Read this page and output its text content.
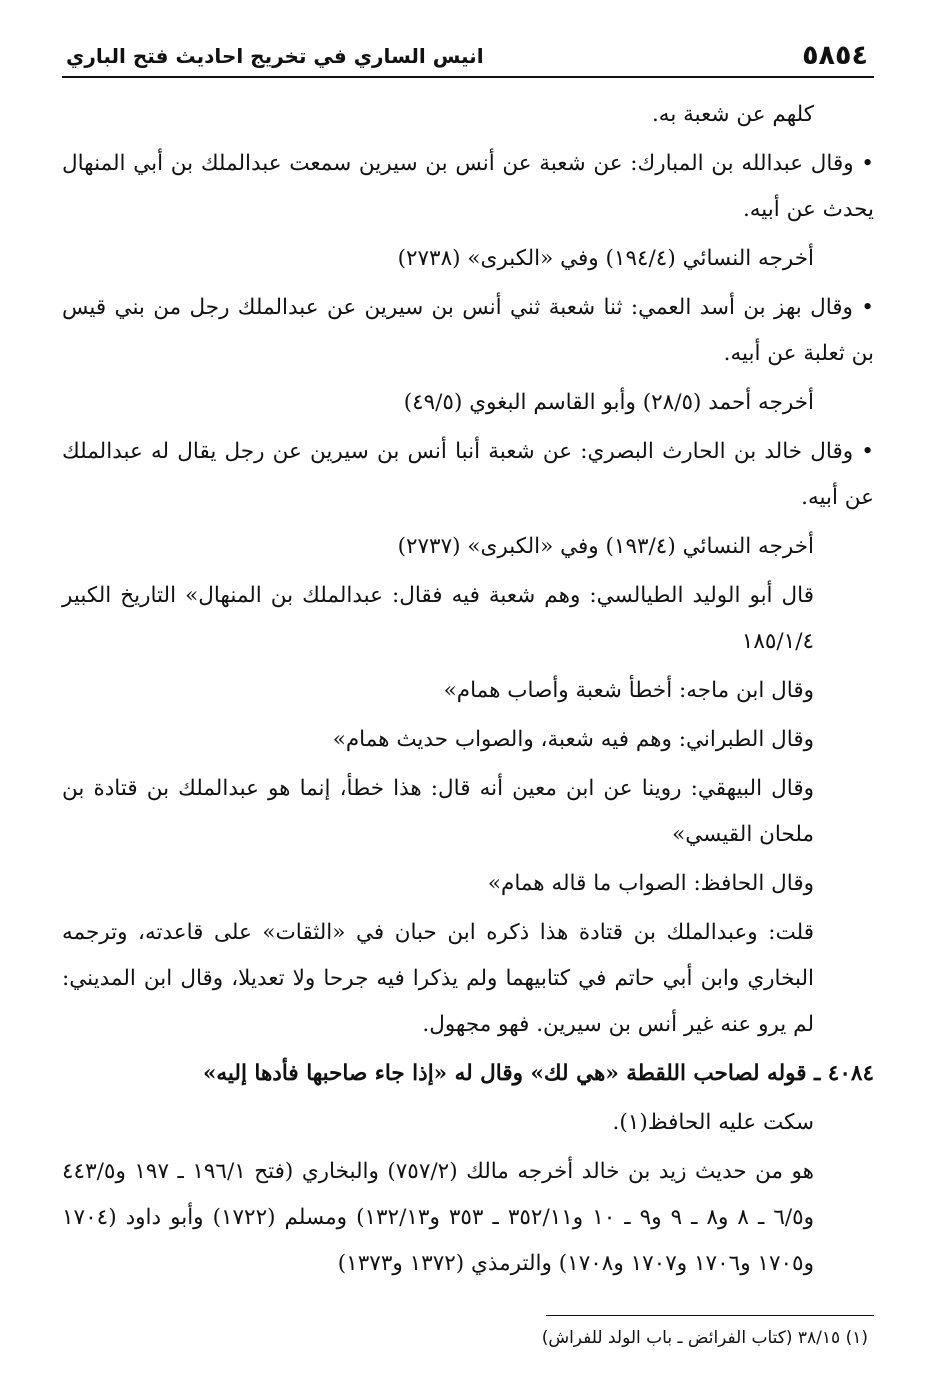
٥٨٥٤
انيس الساري في تخريج احاديث فتح الباري

كلهم عن شعبة به.

• وقال عبدالله بن المبارك: عن شعبة عن أنس بن سيرين سمعت عبدالملك بن أبي المنهال يحدث عن أبيه.

أخرجه النسائي (١٩٤/٤) وفي «الكبرى» (٢٧٣٨)

• وقال بهز بن أسد العمي: ثنا شعبة ثني أنس بن سيرين عن عبدالملك رجل من بني قيس بن ثعلبة عن أبيه.

أخرجه أحمد (٢٨/٥) وأبو القاسم البغوي (٤٩/٥)

• وقال خالد بن الحارث البصري: عن شعبة أنبا أنس بن سيرين عن رجل يقال له عبدالملك عن أبيه.

أخرجه النسائي (١٩٣/٤) وفي «الكبرى» (٢٧٣٧)

قال أبو الوليد الطيالسي: وهم شعبة فيه فقال: عبدالملك بن المنهال» التاريخ الكبير ١٨٥/١/٤

وقال ابن ماجه: أخطأ شعبة وأصاب همام»

وقال الطبراني: وهم فيه شعبة، والصواب حديث همام»

وقال البيهقي: روينا عن ابن معين أنه قال: هذا خطأ، إنما هو عبدالملك بن قتادة بن ملحان القيسي»

وقال الحافظ: الصواب ما قاله همام»

قلت: وعبدالملك بن قتادة هذا ذكره ابن حبان في «الثقات» على قاعدته، وترجمه البخاري وابن أبي حاتم في كتابيهما ولم يذكرا فيه جرحا ولا تعديلا، وقال ابن المديني: لم يرو عنه غير أنس بن سيرين. فهو مجهول.

٤٠٨٤ ـ قوله لصاحب اللقطة «هي لك» وقال له «إذا جاء صاحبها فأدها إليه»

سكت عليه الحافظ(١).

هو من حديث زيد بن خالد أخرجه مالك (٧٥٧/٢) والبخاري (فتح ١٩٦/١ ـ ١٩٧ و٤٤٣/٥ و٦/٥ ـ ٨ و٨ ـ ٩ و٩ ـ ١٠ و٣٥٢/١١ ـ ٣٥٣ و١٣٢/١٣) ومسلم (١٧٢٢) وأبو داود (١٧٠٤ و١٧٠٥ و١٧٠٦ و١٧٠٧ و١٧٠٨) والترمذي (١٣٧٢ و١٣٧٣)

(١) ٣٨/١٥ (كتاب الفرائض ـ باب الولد للفراش)
